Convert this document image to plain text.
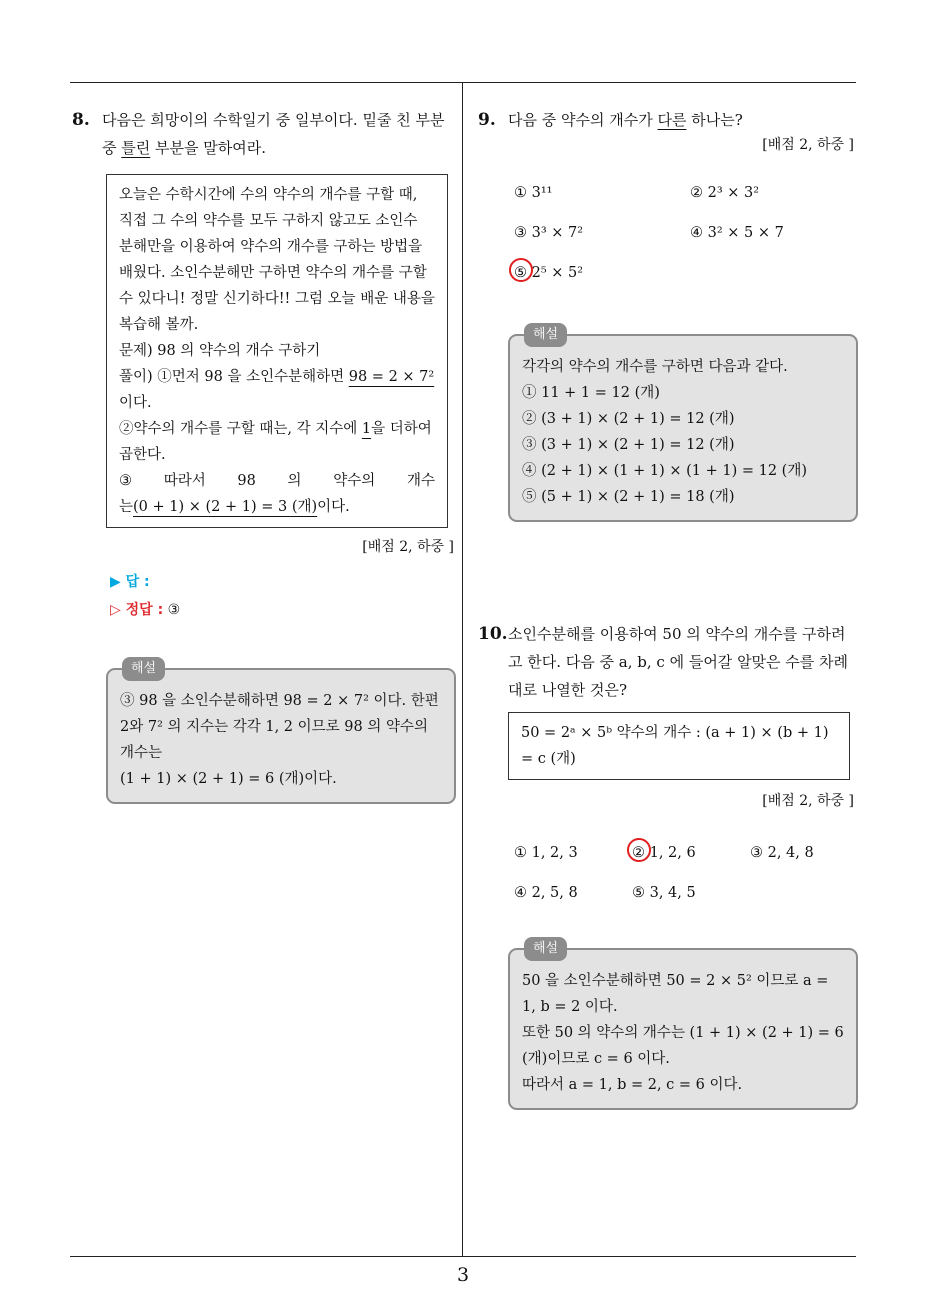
8. 다음은 희망이의 수학일기 중 일부이다. 밑줄 친 부분 중 틀린 부분을 말하여라.

오늘은 수학시간에 수의 약수의 개수를 구할 때, 직접 그 수의 약수를 모두 구하지 않고도 소인수 분해만을 이용하여 약수의 개수를 구하는 방법을 배웠다. 소인수분해만 구하면 약수의 개수를 구할 수 있다니! 정말 신기하다!! 그럼 오늘 배운 내용을 복습해 볼까.

문제) 98 의 약수의 개수 구하기

풀이) ①먼저 98 을 소인수분해하면 98 = 2 × 7²
이다.

②약수의 개수를 구할 때는, 각 지수에 1을 더하여 곱한다.

③ 따라서 98 의 약수의 개수

는(0 + 1) × (2 + 1) = 3 (개)이다.

[배점 2, 하중 ]
▶ 답 :
▷ 정답 : ③
해설

③ 98 을 소인수분해하면 98 = 2 × 7² 이다. 한편 2와 7² 의 지수는 각각 1, 2 이므로 98 의 약수의 개수는

(1 + 1) × (2 + 1) = 6 (개)이다.

9. 다음 중 약수의 개수가 다른 하나는?
[배점 2, 하중 ]
① 3¹¹	② 2³ × 3²
③ 3³ × 7²	④ 3² × 5 × 7
⑤ 2⁵ × 5²
해설

각각의 약수의 개수를 구하면 다음과 같다.

① 11 + 1 = 12 (개)

② (3 + 1) × (2 + 1) = 12 (개)

③ (3 + 1) × (2 + 1) = 12 (개)

④ (2 + 1) × (1 + 1) × (1 + 1) = 12 (개)

⑤ (5 + 1) × (2 + 1) = 18 (개)

10. 소인수분해를 이용하여 50 의 약수의 개수를 구하려고 한다. 다음 중 a, b, c 에 들어갈 알맞은 수를 차례대로 나열한 것은?
50 = 2ᵃ × 5ᵇ 약수의 개수 : (a + 1) × (b + 1) = c (개)
[배점 2, 하중 ]
① 1, 2, 3	② 1, 2, 6	③ 2, 4, 8
④ 2, 5, 8	⑤ 3, 4, 5
해설

50 을 소인수분해하면 50 = 2 × 5² 이므로 a = 1, b = 2 이다.

또한 50 의 약수의 개수는 (1 + 1) × (2 + 1) = 6 (개)이므로 c = 6 이다.

따라서 a = 1, b = 2, c = 6 이다.

3
